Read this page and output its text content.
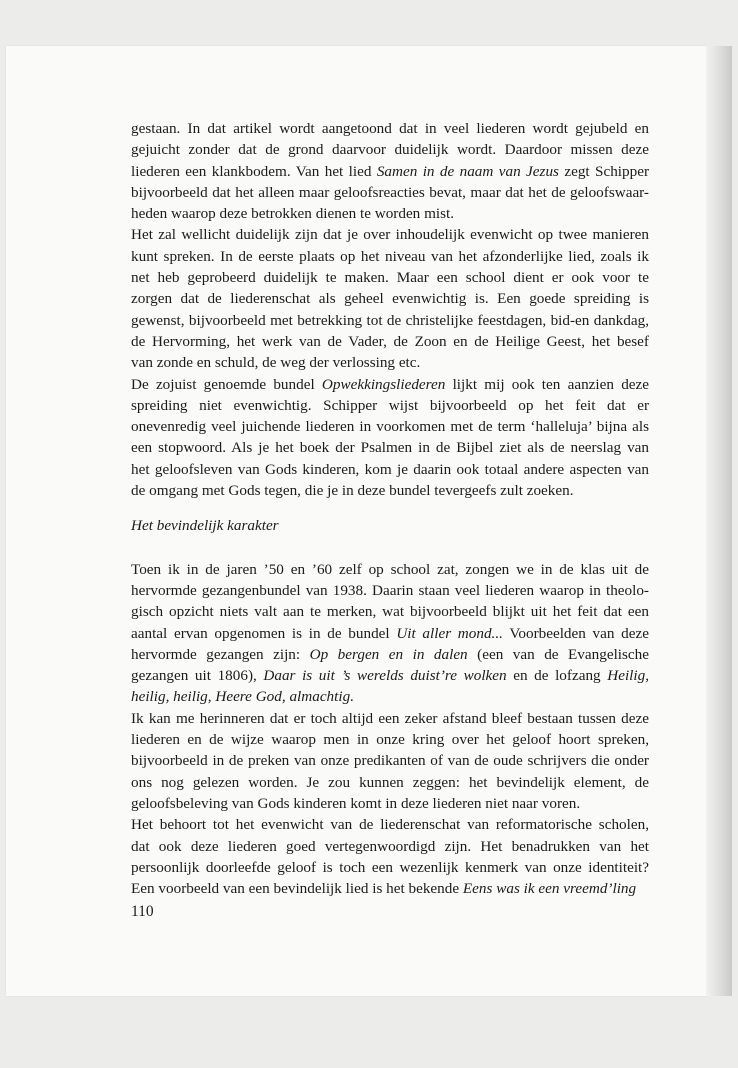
gestaan. In dat artikel wordt aangetoond dat in veel liederen wordt gejubeld en
gejuicht zonder dat de grond daarvoor duidelijk wordt. Daardoor missen deze
liederen een klankbodem. Van het lied Samen in de naam van Jezus zegt Schipper
bijvoorbeeld dat het alleen maar geloofsreacties bevat, maar dat het de geloofswaar-
heden waarop deze betrokken dienen te worden mist.

Het zal wellicht duidelijk zijn dat je over inhoudelijk evenwicht op twee manieren
kunt spreken. In de eerste plaats op het niveau van het afzonderlijke lied, zoals ik
net heb geprobeerd duidelijk te maken. Maar een school dient er ook voor te
zorgen dat de liederenschat als geheel evenwichtig is. Een goede spreiding is
gewenst, bijvoorbeeld met betrekking tot de christelijke feestdagen, bid-en dankdag,
de Hervorming, het werk van de Vader, de Zoon en de Heilige Geest, het besef
van zonde en schuld, de weg der verlossing etc.

De zojuist genoemde bundel Opwekkingsliederen lijkt mij ook ten aanzien deze
spreiding niet evenwichtig. Schipper wijst bijvoorbeeld op het feit dat er
onevenredig veel juichende liederen in voorkomen met de term ‘halleluja’ bijna als
een stopwoord. Als je het boek der Psalmen in de Bijbel ziet als de neerslag van
het geloofsleven van Gods kinderen, kom je daarin ook totaal andere aspecten van
de omgang met Gods tegen, die je in deze bundel tevergeefs zult zoeken.

Het bevindelijk karakter

Toen ik in de jaren ’50 en ’60 zelf op school zat, zongen we in de klas uit de
hervormde gezangenbundel van 1938. Daarin staan veel liederen waarop in theolo-
gisch opzicht niets valt aan te merken, wat bijvoorbeeld blijkt uit het feit dat een
aantal ervan opgenomen is in de bundel Uit aller mond... Voorbeelden van deze
hervormde gezangen zijn: Op bergen en in dalen (een van de Evangelische
gezangen uit 1806), Daar is uit ’s werelds duist’re wolken en de lofzang Heilig,
heilig, heilig, Heere God, almachtig.

Ik kan me herinneren dat er toch altijd een zeker afstand bleef bestaan tussen deze
liederen en de wijze waarop men in onze kring over het geloof hoort spreken,
bijvoorbeeld in de preken van onze predikanten of van de oude schrijvers die onder
ons nog gelezen worden. Je zou kunnen zeggen: het bevindelijk element, de
geloofsbeleving van Gods kinderen komt in deze liederen niet naar voren.

Het behoort tot het evenwicht van de liederenschat van reformatorische scholen,
dat ook deze liederen goed vertegenwoordigd zijn. Het benadrukken van het
persoonlijk doorleefde geloof is toch een wezenlijk kenmerk van onze identiteit?
Een voorbeeld van een bevindelijk lied is het bekende Eens was ik een vreemd’ling

110
